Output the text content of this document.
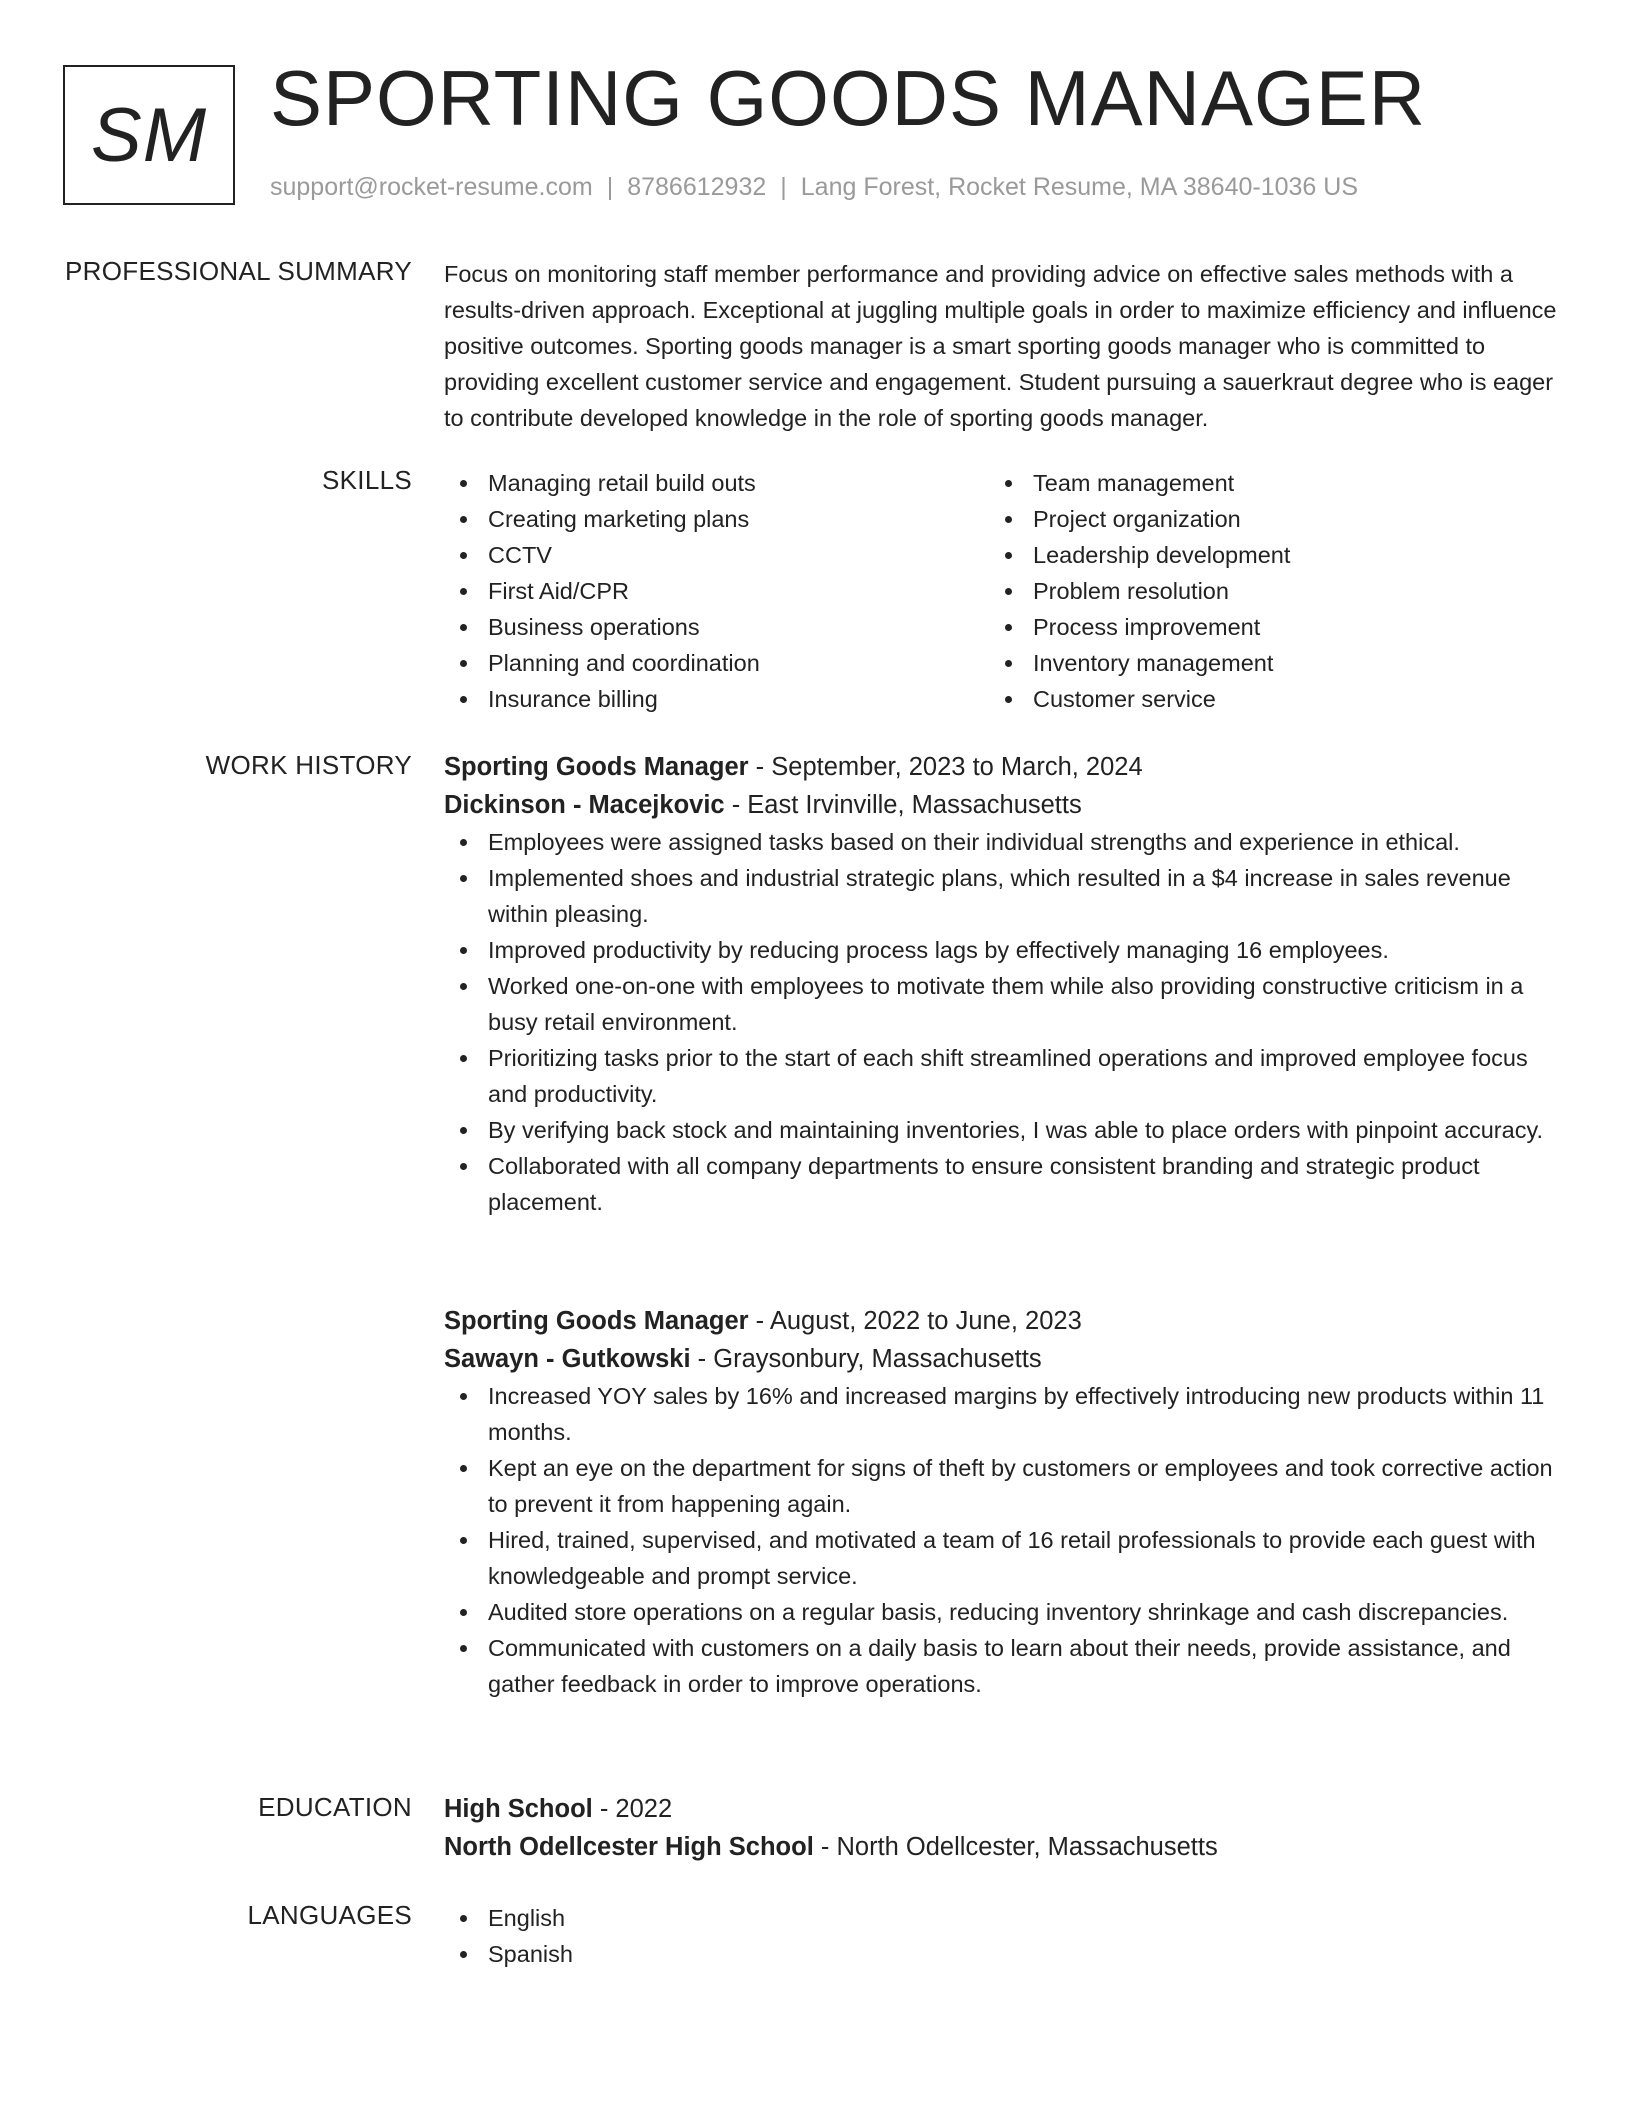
SM SPORTING GOODS MANAGER
support@rocket-resume.com | 8786612932 | Lang Forest, Rocket Resume, MA 38640-1036 US
PROFESSIONAL SUMMARY Focus on monitoring staff member performance and providing advice on effective sales methods with a results-driven approach. Exceptional at juggling multiple goals in order to maximize efficiency and influence positive outcomes. Sporting goods manager is a smart sporting goods manager who is committed to providing excellent customer service and engagement. Student pursuing a sauerkraut degree who is eager to contribute developed knowledge in the role of sporting goods manager.

SKILLS	Managing retail build outs
Creating marketing plans
CCTV
First Aid/CPR
Business operations
Planning and coordination
Insurance billing
Team management
Project organization
Leadership development
Problem resolution
Process improvement
Inventory management
Customer service
WORK HISTORY Sporting Goods Manager - September, 2023 to March, 2024
Dickinson - Macejkovic - East Irvinville, Massachusetts
Employees were assigned tasks based on their individual strengths and experience in ethical.
Implemented shoes and industrial strategic plans, which resulted in a $4 increase in sales revenue within pleasing.
Improved productivity by reducing process lags by effectively managing 16 employees.
Worked one-on-one with employees to motivate them while also providing constructive criticism in a busy retail environment.
Prioritizing tasks prior to the start of each shift streamlined operations and improved employee focus and productivity.
By verifying back stock and maintaining inventories, I was able to place orders with pinpoint accuracy.
Collaborated with all company departments to ensure consistent branding and strategic product placement.
Sporting Goods Manager - August, 2022 to June, 2023
Sawayn - Gutkowski - Graysonbury, Massachusetts
Increased YOY sales by 16% and increased margins by effectively introducing new products within 11 months.
Kept an eye on the department for signs of theft by customers or employees and took corrective action to prevent it from happening again.
Hired, trained, supervised, and motivated a team of 16 retail professionals to provide each guest with knowledgeable and prompt service.
Audited store operations on a regular basis, reducing inventory shrinkage and cash discrepancies.
Communicated with customers on a daily basis to learn about their needs, provide assistance, and gather feedback in order to improve operations.
EDUCATION High School - 2022
North Odellcester High School - North Odellcester, Massachusetts
LANGUAGES	English
Spanish
